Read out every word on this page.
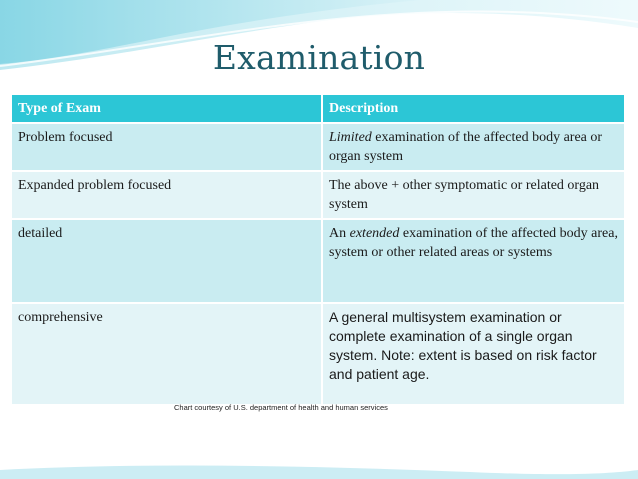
Examination
Type of Exam	Description
Problem focused	Limited examination of the affected body area or organ system
Expanded problem focused	The above + other symptomatic or related organ system
detailed	An extended examination of the affected body area, system or other related areas or systems
comprehensive	A general multisystem examination or complete examination of a single organ system. Note: extent is based on risk factor and patient age.
Chart courtesy of U.S. department of health and human services
